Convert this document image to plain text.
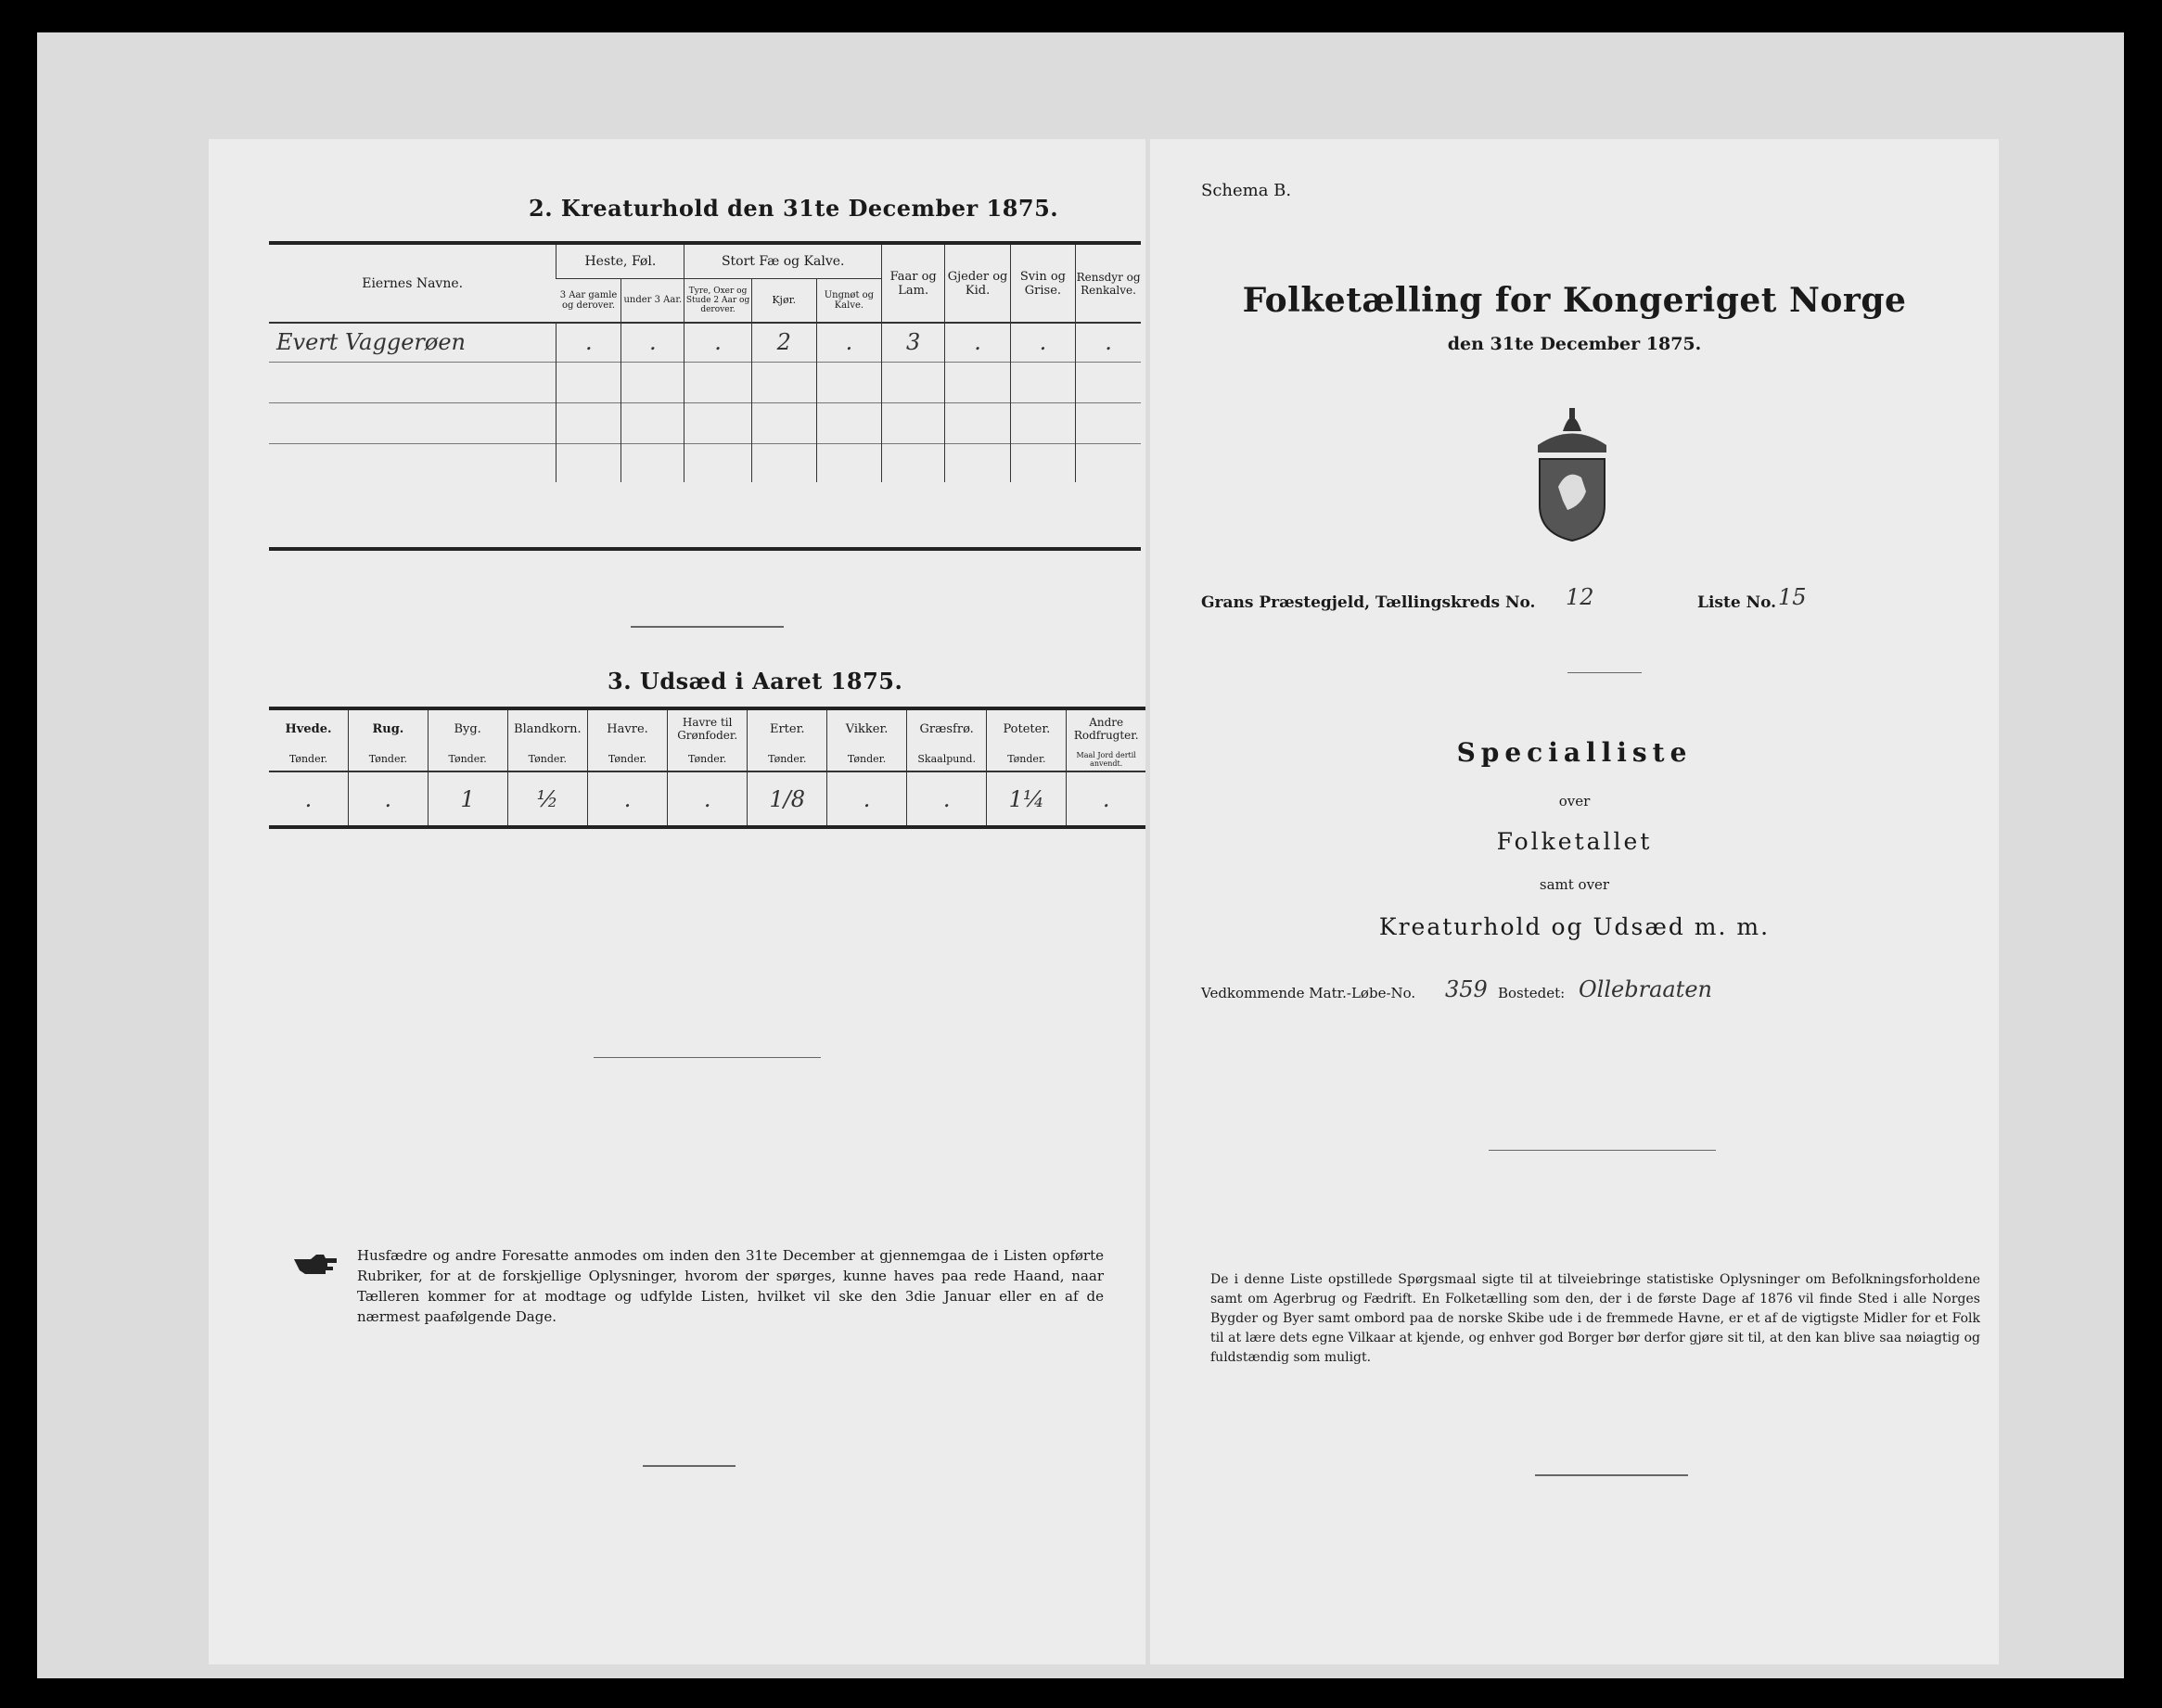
2. Kreaturhold den 31te December 1875.
Eiernes Navne.	Heste, Føl.		Stort Fæ og Kalve.			Faar og Lam.	Gjeder og Kid.	Svin og Grise.	Rensdyr og Renkalve.
	3 Aar gamle og derover.	under 3 Aar.	Tyre, Oxer og Stude 2 Aar og derover.	Kjør.	Ungnøt og Kalve.				
Evert Vaggerøen	.	.	.	2	.	3	.	.	.

3. Udsæd i Aaret 1875.
Hvede.	Rug.	Byg.	Blandkorn.	Havre.	Havre til Grønfoder.	Erter.	Vikker.	Græsfrø.	Poteter.	Andre Rodfrugter.
Tønder.	Tønder.	Tønder.	Tønder.	Tønder.	Tønder.	Tønder.	Tønder.	Skaalpund.	Tønder.	Maal Jord dertil anvendt.
.	.	1	½	.	.	1/8	.	.	1¼	.
Husfædre og andre Foresatte anmodes om inden den 31te December at gjennemgaa de i Listen opførte Rubriker, for at de forskjellige Oplysninger, hvorom der spørges, kunne haves paa rede Haand, naar Tælleren kommer for at modtage og udfylde Listen, hvilket vil ske den 3die Januar eller en af de nærmest paafølgende Dage.
Schema B.
Folketælling for Kongeriget Norge
den 31te December 1875.
Grans Præstegjeld, Tællingskreds No. 12	Liste No. 15
Specialliste
over
Folketallet
samt over
Kreaturhold og Udsæd m. m.
Vedkommende Matr.-Løbe-No. 359 Bostedet: Ollebraaten
De i denne Liste opstillede Spørgsmaal sigte til at tilveiebringe statistiske Oplysninger om Befolkningsforholdene samt om Agerbrug og Fædrift. En Folketælling som den, der i de første Dage af 1876 vil finde Sted i alle Norges Bygder og Byer samt ombord paa de norske Skibe ude i de fremmede Havne, er et af de vigtigste Midler for et Folk til at lære dets egne Vilkaar at kjende, og enhver god Borger bør derfor gjøre sit til, at den kan blive saa nøiagtig og fuldstændig som muligt.
